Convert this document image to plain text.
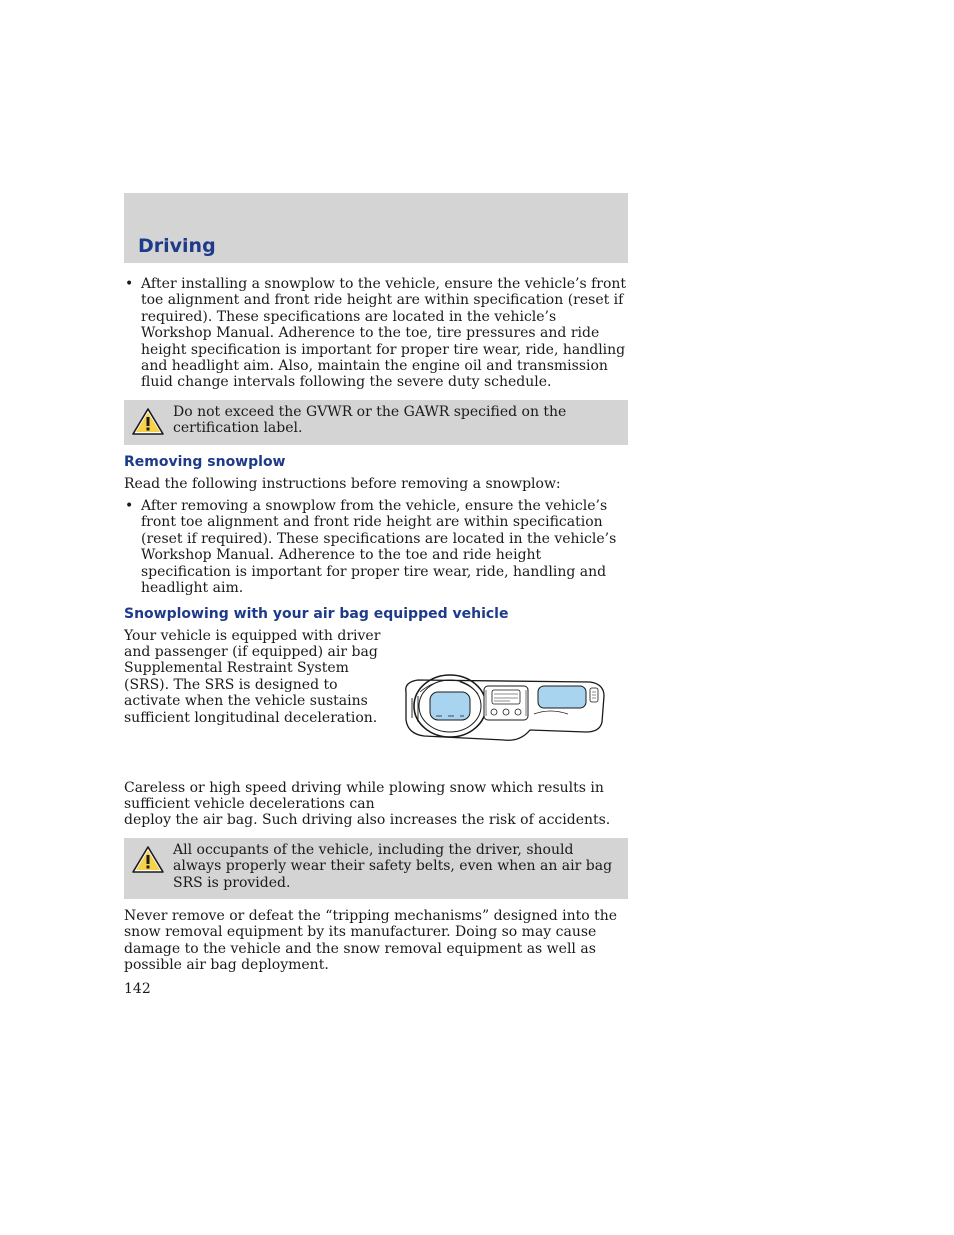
Driving
• After installing a snowplow to the vehicle, ensure the vehicle’s front toe alignment and front ride height are within specification (reset if required). These specifications are located in the vehicle’s Workshop Manual. Adherence to the toe, tire pressures and ride height specification is important for proper tire wear, ride, handling and headlight aim. Also, maintain the engine oil and transmission fluid change intervals following the severe duty schedule.
Do not exceed the GVWR or the GAWR specified on the certification label.
Removing snowplow
Read the following instructions before removing a snowplow:
• After removing a snowplow from the vehicle, ensure the vehicle’s front toe alignment and front ride height are within specification (reset if required). These specifications are located in the vehicle’s Workshop Manual. Adherence to the toe and ride height specification is important for proper tire wear, ride, handling and headlight aim.
Snowplowing with your air bag equipped vehicle
Your vehicle is equipped with driver and passenger (if equipped) air bag Supplemental Restraint System (SRS). The SRS is designed to activate when the vehicle sustains sufficient longitudinal deceleration.
Careless or high speed driving while plowing snow which results in sufficient vehicle decelerations can
deploy the air bag. Such driving also increases the risk of accidents.
All occupants of the vehicle, including the driver, should always properly wear their safety belts, even when an air bag SRS is provided.
Never remove or defeat the “tripping mechanisms” designed into the snow removal equipment by its manufacturer. Doing so may cause damage to the vehicle and the snow removal equipment as well as possible air bag deployment.
142
